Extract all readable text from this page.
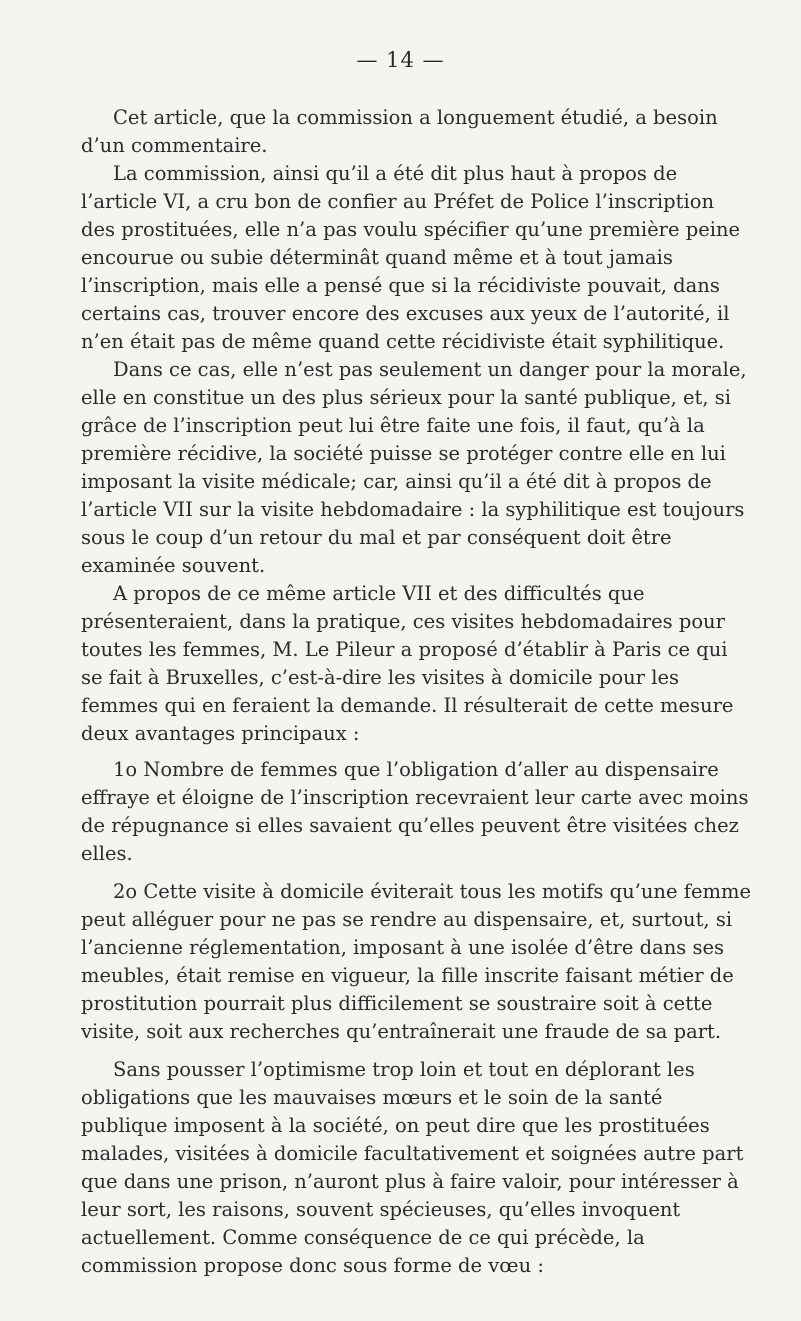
— 14 —

Cet article, que la commission a longuement étudié, a besoin d’un commentaire.

La commission, ainsi qu’il a été dit plus haut à propos de l’article VI, a cru bon de confier au Préfet de Police l’inscription des prostituées, elle n’a pas voulu spécifier qu’une première peine encourue ou subie déterminât quand même et à tout jamais l’inscription, mais elle a pensé que si la récidiviste pouvait, dans certains cas, trouver encore des excuses aux yeux de l’autorité, il n’en était pas de même quand cette récidiviste était syphilitique.

Dans ce cas, elle n’est pas seulement un danger pour la morale, elle en constitue un des plus sérieux pour la santé publique, et, si grâce de l’inscription peut lui être faite une fois, il faut, qu’à la première récidive, la société puisse se protéger contre elle en lui imposant la visite médicale; car, ainsi qu’il a été dit à propos de l’article VII sur la visite hebdomadaire : la syphilitique est toujours sous le coup d’un retour du mal et par conséquent doit être examinée souvent.

A propos de ce même article VII et des difficultés que présenteraient, dans la pratique, ces visites hebdomadaires pour toutes les femmes, M. Le Pileur a proposé d’établir à Paris ce qui se fait à Bruxelles, c’est-à-dire les visites à domicile pour les femmes qui en feraient la demande. Il résulterait de cette mesure deux avantages principaux :

1o Nombre de femmes que l’obligation d’aller au dispensaire effraye et éloigne de l’inscription recevraient leur carte avec moins de répugnance si elles savaient qu’elles peuvent être visitées chez elles.

2o Cette visite à domicile éviterait tous les motifs qu’une femme peut alléguer pour ne pas se rendre au dispensaire, et, surtout, si l’ancienne réglementation, imposant à une isolée d’être dans ses meubles, était remise en vigueur, la fille inscrite faisant métier de prostitution pourrait plus difficilement se soustraire soit à cette visite, soit aux recherches qu’entraînerait une fraude de sa part.

Sans pousser l’optimisme trop loin et tout en déplorant les obligations que les mauvaises mœurs et le soin de la santé publique imposent à la société, on peut dire que les prostituées malades, visitées à domicile facultativement et soignées autre part que dans une prison, n’auront plus à faire valoir, pour intéresser à leur sort, les raisons, souvent spécieuses, qu’elles invoquent actuellement. Comme conséquence de ce qui précède, la commission propose donc sous forme de vœu :
